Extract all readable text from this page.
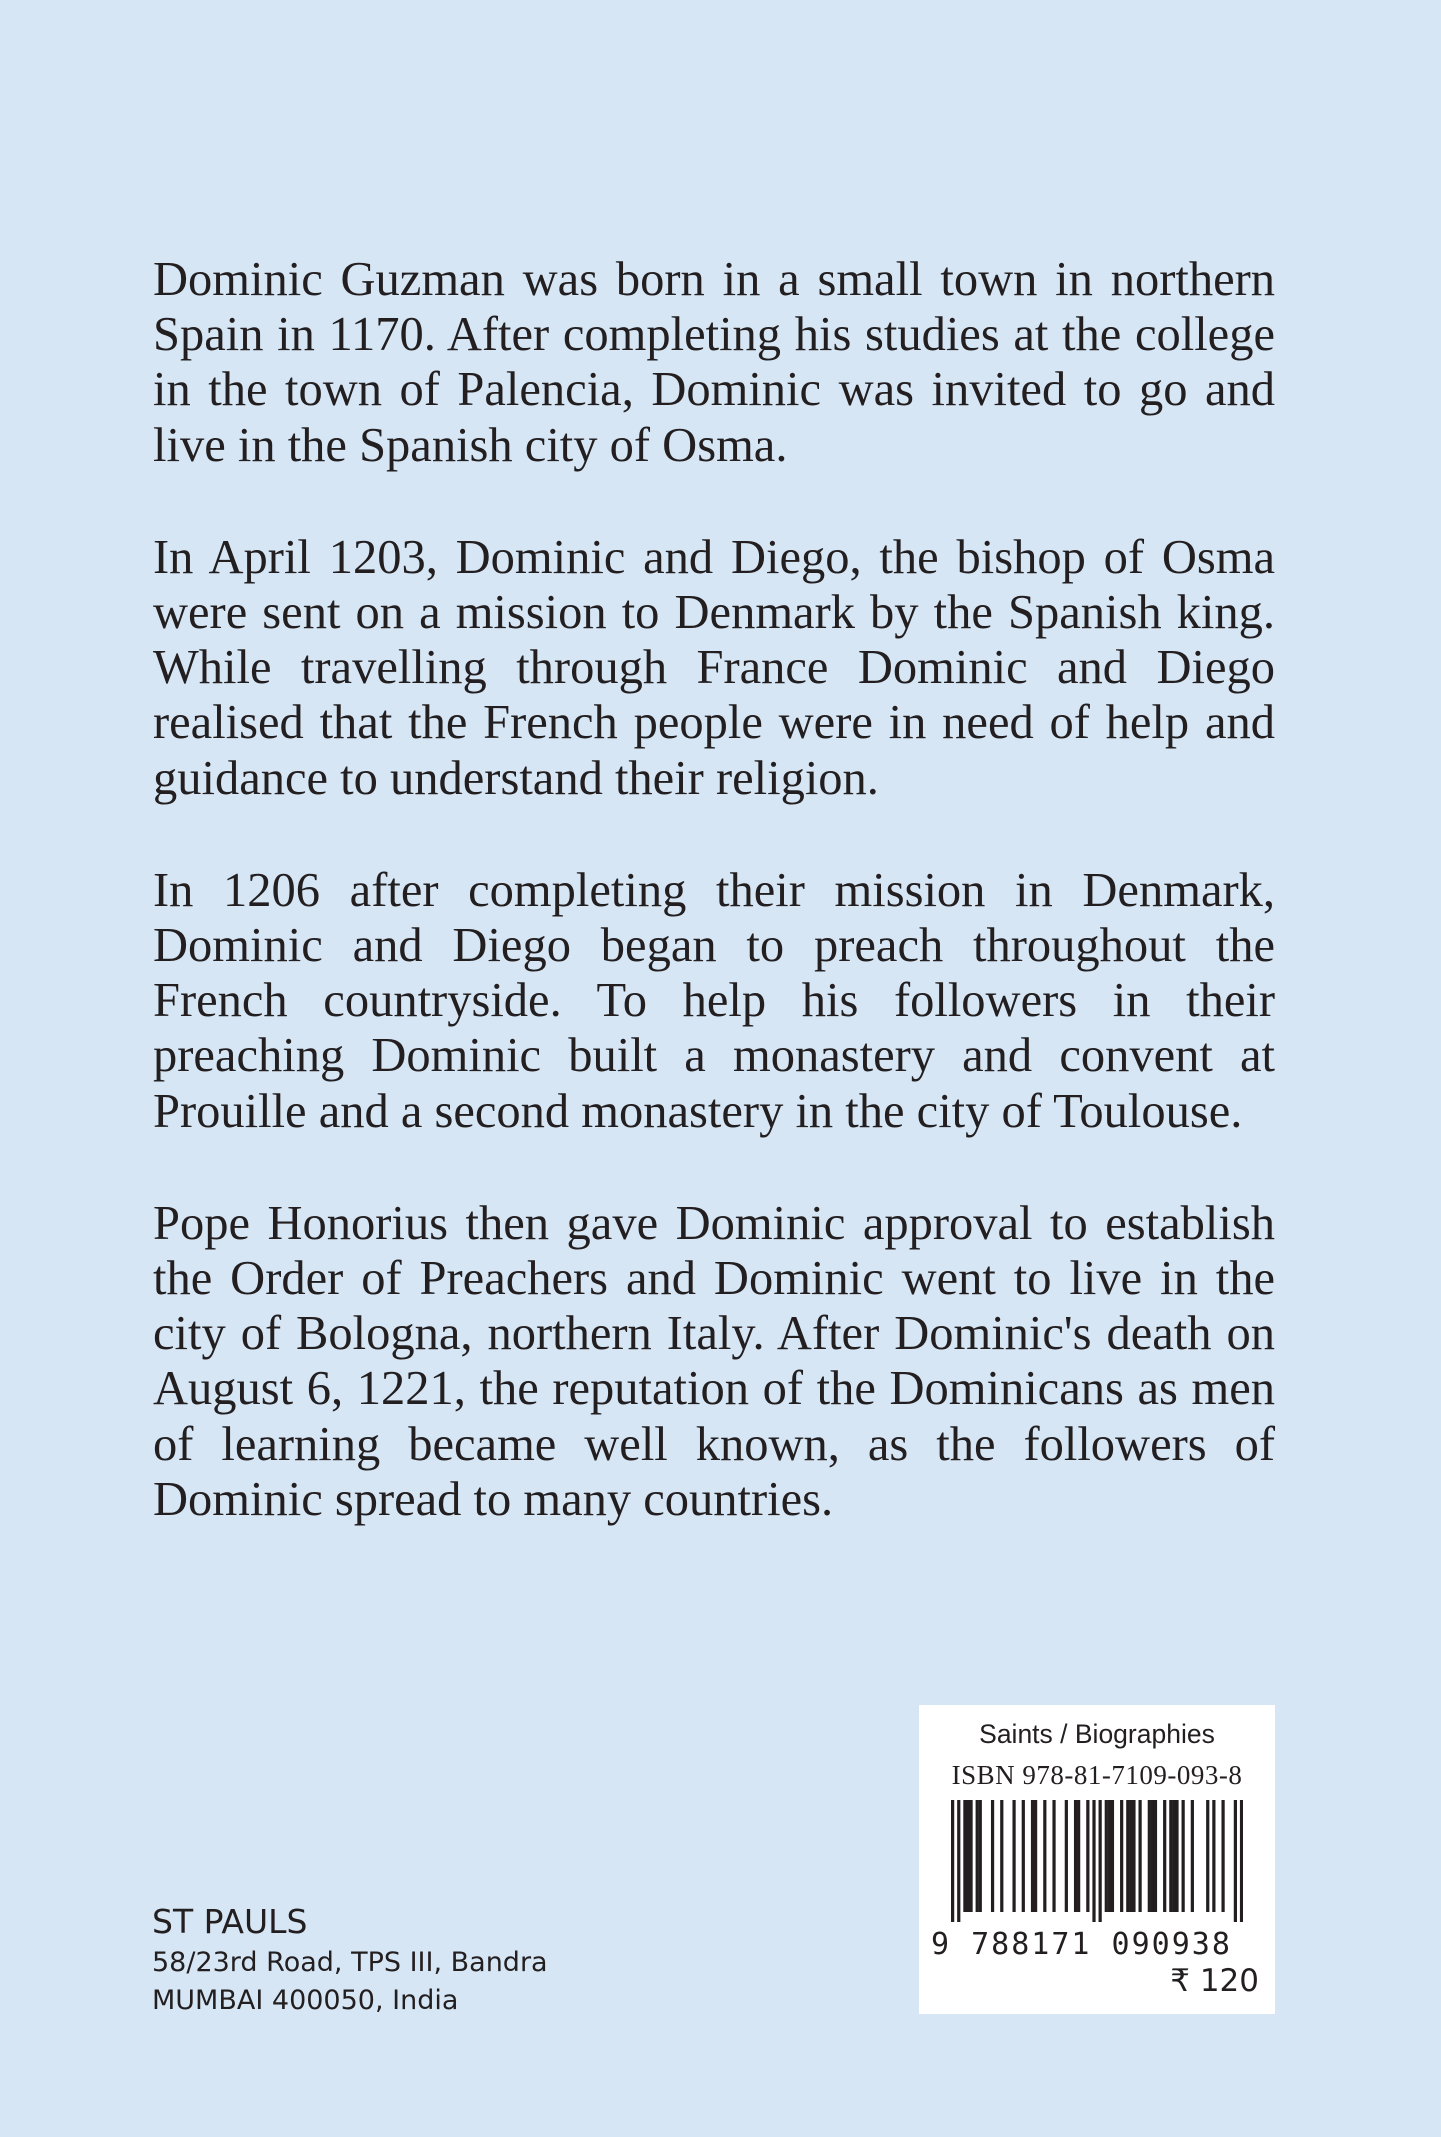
Dominic Guzman was born in a small town in northern Spain in 1170. After completing his studies at the college in the town of Palencia, Dominic was invited to go and live in the Spanish city of Osma.

In April 1203, Dominic and Diego, the bishop of Osma were sent on a mission to Denmark by the Spanish king. While travelling through France Dominic and Diego realised that the French people were in need of help and guidance to understand their religion.

In 1206 after completing their mission in Denmark, Dominic and Diego began to preach throughout the French countryside. To help his followers in their preaching Dominic built a monastery and convent at Prouille and a second monastery in the city of Toulouse.

Pope Honorius then gave Dominic approval to establish the Order of Preachers and Dominic went to live in the city of Bologna, northern Italy. After Dominic's death on August 6, 1221, the reputation of the Dominicans as men of learning became well known, as the followers of Dominic spread to many countries.

ST PAULS
58/23rd Road, TPS III, Bandra
MUMBAI 400050, India
Saints / Biographies
ISBN 978-81-7109-093-8
9 788171 090938
₹ 120
